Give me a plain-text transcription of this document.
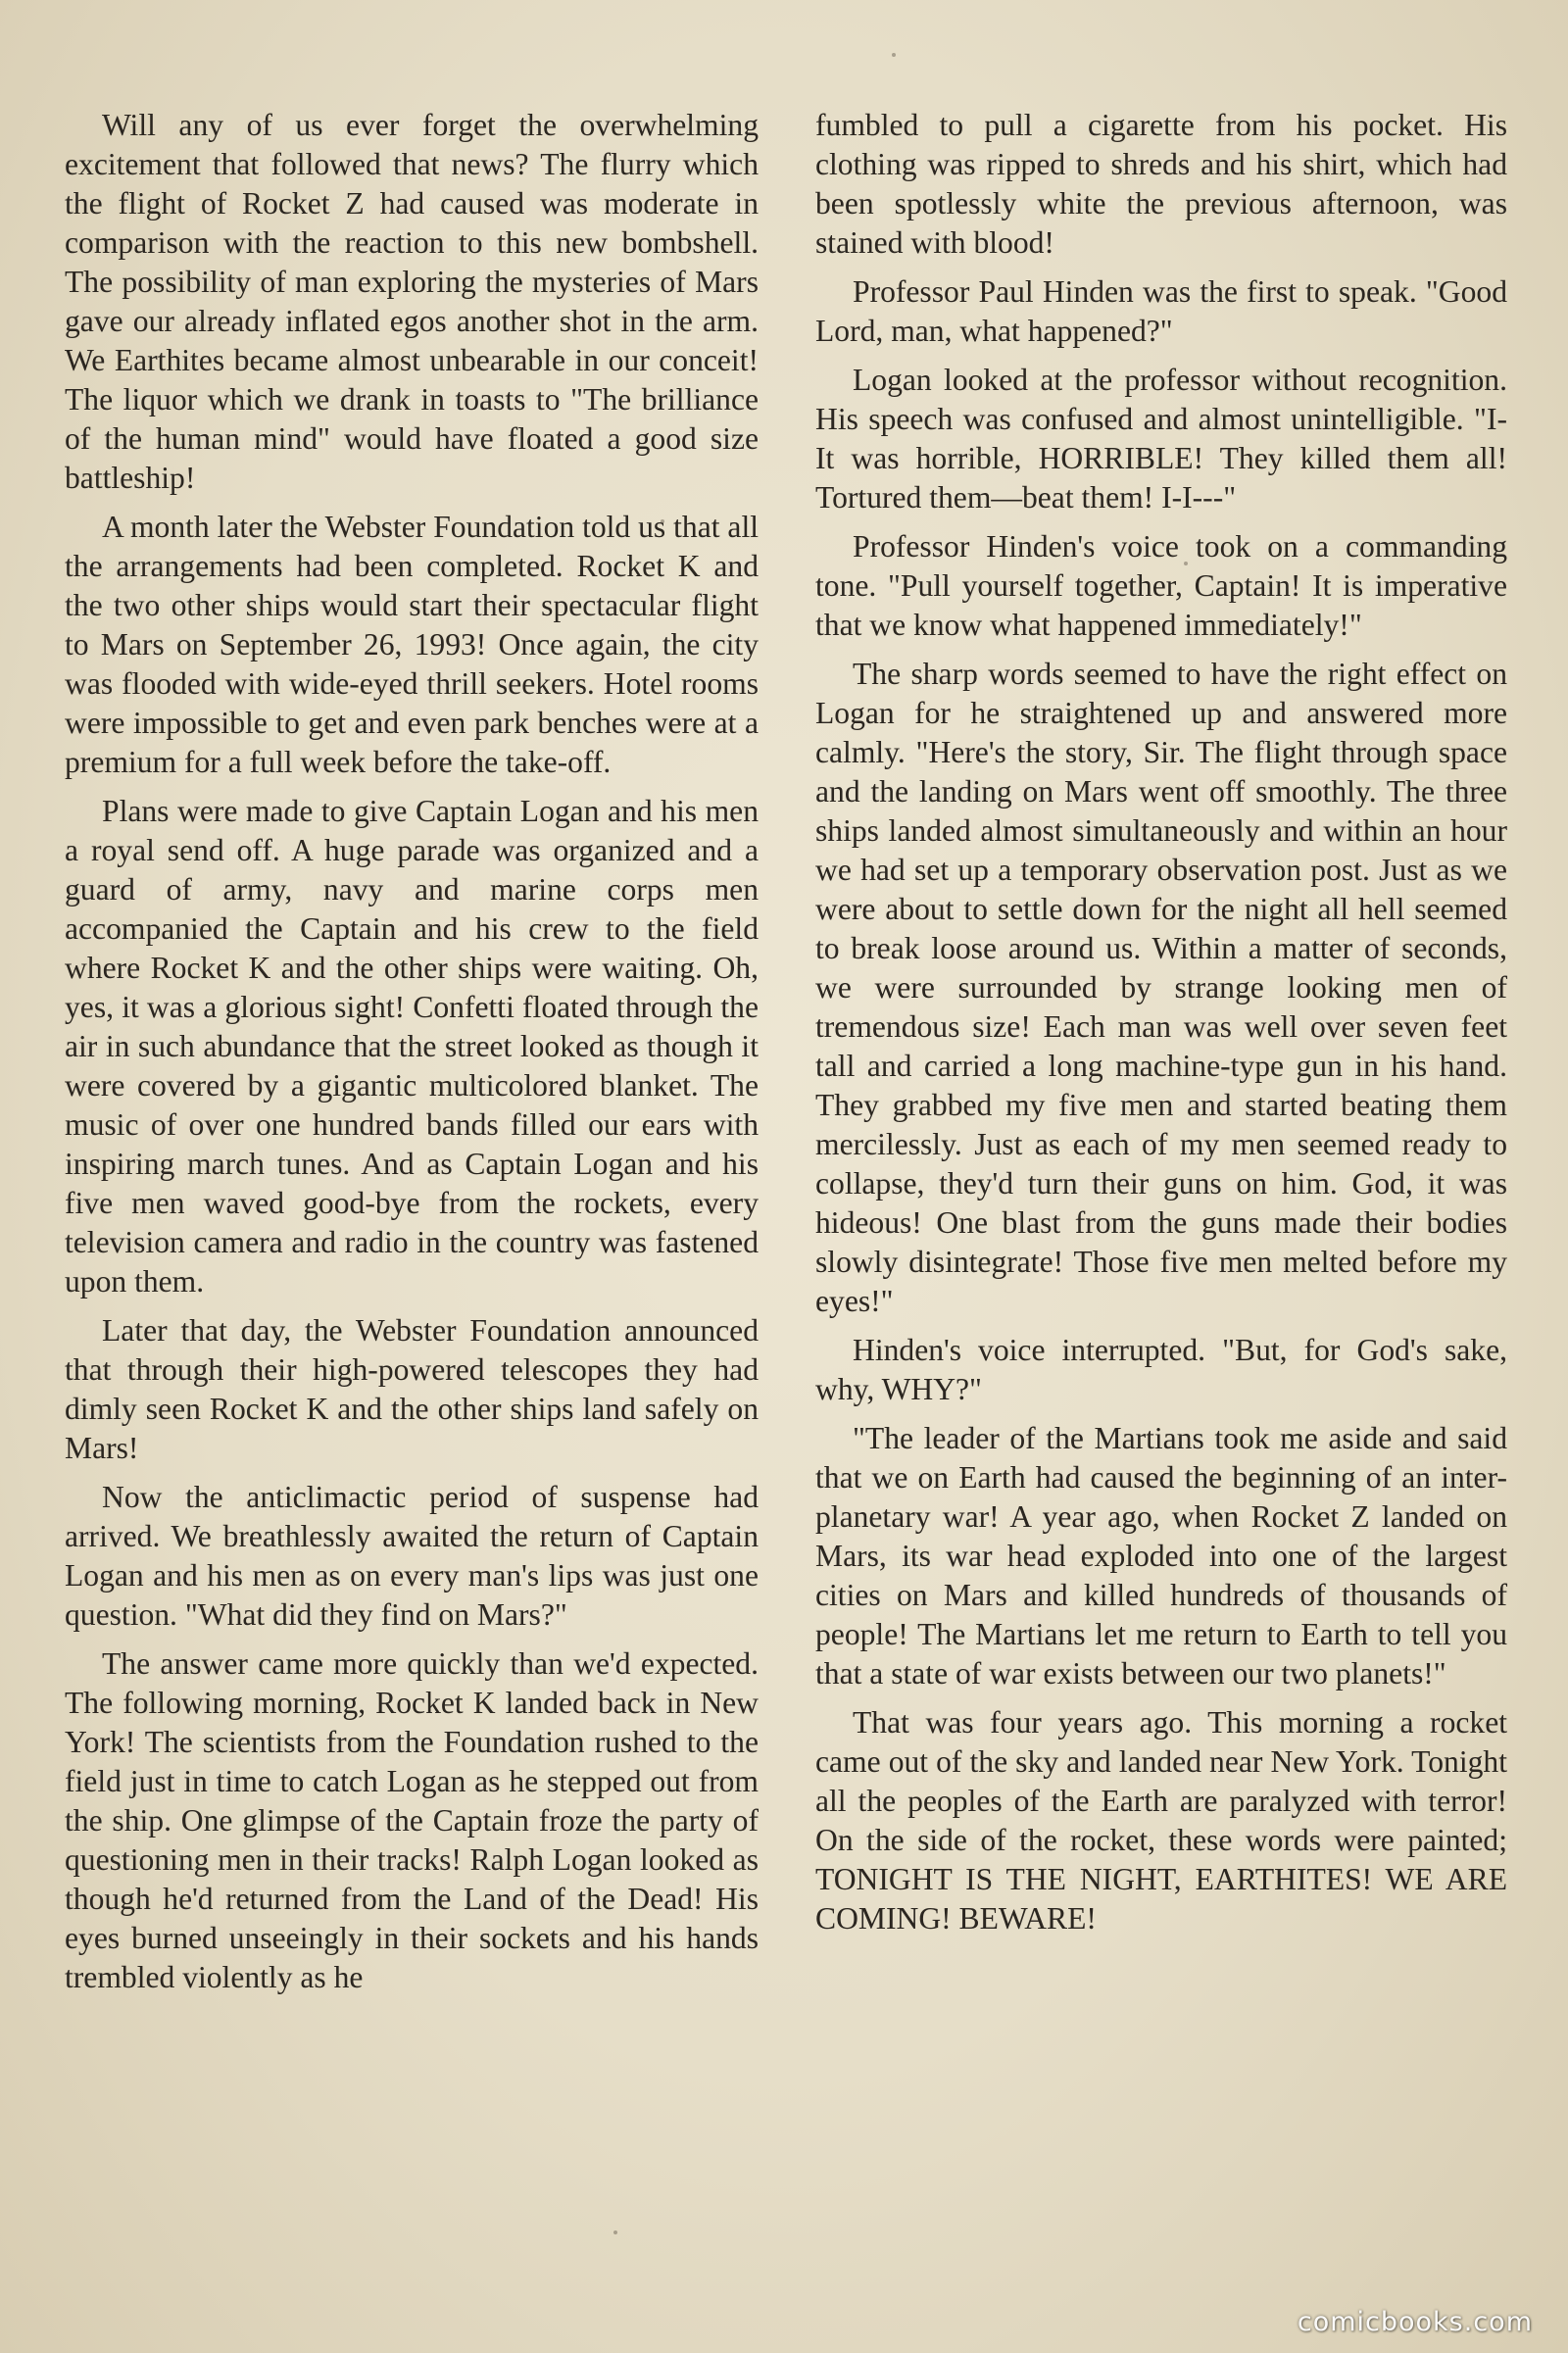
Will any of us ever forget the overwhelming excitement that followed that news? The flurry which the flight of Rocket Z had caused was moderate in comparison with the reaction to this new bombshell. The possibility of man exploring the mysteries of Mars gave our already inflated egos another shot in the arm. We Earthites became almost unbearable in our conceit! The liquor which we drank in toasts to "The brilliance of the human mind" would have floated a good size battleship!

A month later the Webster Foundation told us that all the arrangements had been completed. Rocket K and the two other ships would start their spectacular flight to Mars on September 26, 1993! Once again, the city was flooded with wide-eyed thrill seekers. Hotel rooms were impossible to get and even park benches were at a premium for a full week before the take-off.

Plans were made to give Captain Logan and his men a royal send off. A huge parade was organized and a guard of army, navy and marine corps men accompanied the Captain and his crew to the field where Rocket K and the other ships were waiting. Oh, yes, it was a glorious sight! Confetti floated through the air in such abundance that the street looked as though it were covered by a gigantic multicolored blanket. The music of over one hundred bands filled our ears with inspiring march tunes. And as Captain Logan and his five men waved good-bye from the rockets, every television camera and radio in the country was fastened upon them.

Later that day, the Webster Foundation announced that through their high-powered telescopes they had dimly seen Rocket K and the other ships land safely on Mars!

Now the anticlimactic period of suspense had arrived. We breathlessly awaited the return of Captain Logan and his men as on every man's lips was just one question. "What did they find on Mars?"

The answer came more quickly than we'd expected. The following morning, Rocket K landed back in New York! The scientists from the Foundation rushed to the field just in time to catch Logan as he stepped out from the ship. One glimpse of the Captain froze the party of questioning men in their tracks! Ralph Logan looked as though he'd returned from the Land of the Dead! His eyes burned unseeingly in their sockets and his hands trembled violently as he

fumbled to pull a cigarette from his pocket. His clothing was ripped to shreds and his shirt, which had been spotlessly white the previous afternoon, was stained with blood!

Professor Paul Hinden was the first to speak. "Good Lord, man, what happened?"

Logan looked at the professor without recognition. His speech was confused and almost unintelligible. "I-It was horrible, HORRIBLE! They killed them all! Tortured them—beat them! I-I---"

Professor Hinden's voice took on a commanding tone. "Pull yourself together, Captain! It is imperative that we know what happened immediately!"

The sharp words seemed to have the right effect on Logan for he straightened up and answered more calmly. "Here's the story, Sir. The flight through space and the landing on Mars went off smoothly. The three ships landed almost simultaneously and within an hour we had set up a temporary observation post. Just as we were about to settle down for the night all hell seemed to break loose around us. Within a matter of seconds, we were surrounded by strange looking men of tremendous size! Each man was well over seven feet tall and carried a long machine-type gun in his hand. They grabbed my five men and started beating them mercilessly. Just as each of my men seemed ready to collapse, they'd turn their guns on him. God, it was hideous! One blast from the guns made their bodies slowly disintegrate! Those five men melted before my eyes!"

Hinden's voice interrupted. "But, for God's sake, why, WHY?"

"The leader of the Martians took me aside and said that we on Earth had caused the beginning of an inter-planetary war! A year ago, when Rocket Z landed on Mars, its war head exploded into one of the largest cities on Mars and killed hundreds of thousands of people! The Martians let me return to Earth to tell you that a state of war exists between our two planets!"

That was four years ago. This morning a rocket came out of the sky and landed near New York. Tonight all the peoples of the Earth are paralyzed with terror! On the side of the rocket, these words were painted; TONIGHT IS THE NIGHT, EARTHITES! WE ARE COMING! BEWARE!

comicbooks.com
